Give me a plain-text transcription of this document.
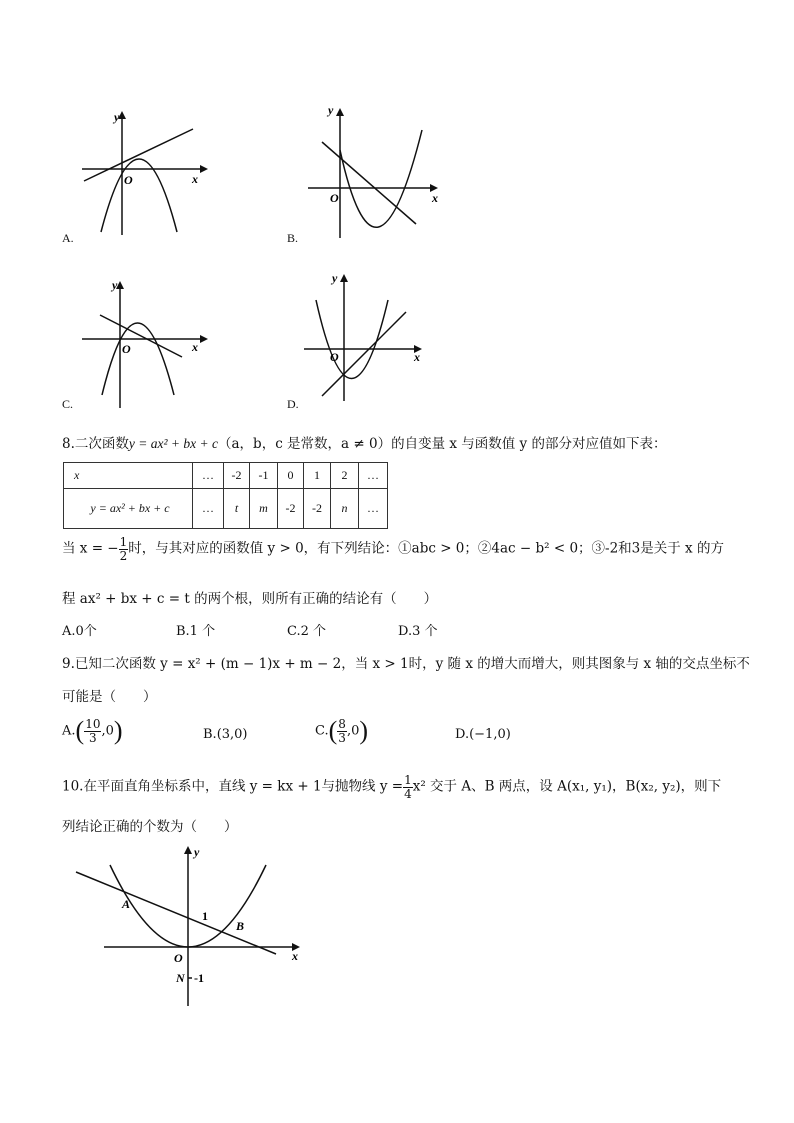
y
x
O
A.
y
x
O
B.
y
x
O
C.
y
x
O
D.
8.二次函数y = ax² + bx + c（a，b，c 是常数，a ≠ 0）的自变量 x 与函数值 y 的部分对应值如下表：
x	…	-2	-1	0	1	2	…
y = ax² + bx + c	…	t	m	-2	-2	n	…
当 x = − $\frac{1}{2}$ 时，与其对应的函数值 y > 0，有下列结论：①abc > 0；②4ac − b² < 0；③-2和3是关于 x 的方
程 ax² + bx + c = t 的两个根，则所有正确的结论有（　　）
A.0个	B.1 个	C.2 个	D.3 个
9.已知二次函数 y = x² + (m − 1)x + m − 2，当 x > 1时，y 随 x 的增大而增大，则其图象与 x 轴的交点坐标不
可能是（　　）
$A.( \frac{10}{3} ,0)$	B.(3,0)	$C.( \frac{8}{3} ,0)$	D.(−1,0)
10.在平面直角坐标系中，直线 y = kx + 1与抛物线 $y = \frac{1}{4} x^2$ 交于 A、B 两点，设 A(x₁, y₁)，B(x₂, y₂)，则下
列结论正确的个数为（　　）
y
x
A
B
1
O
N -1
